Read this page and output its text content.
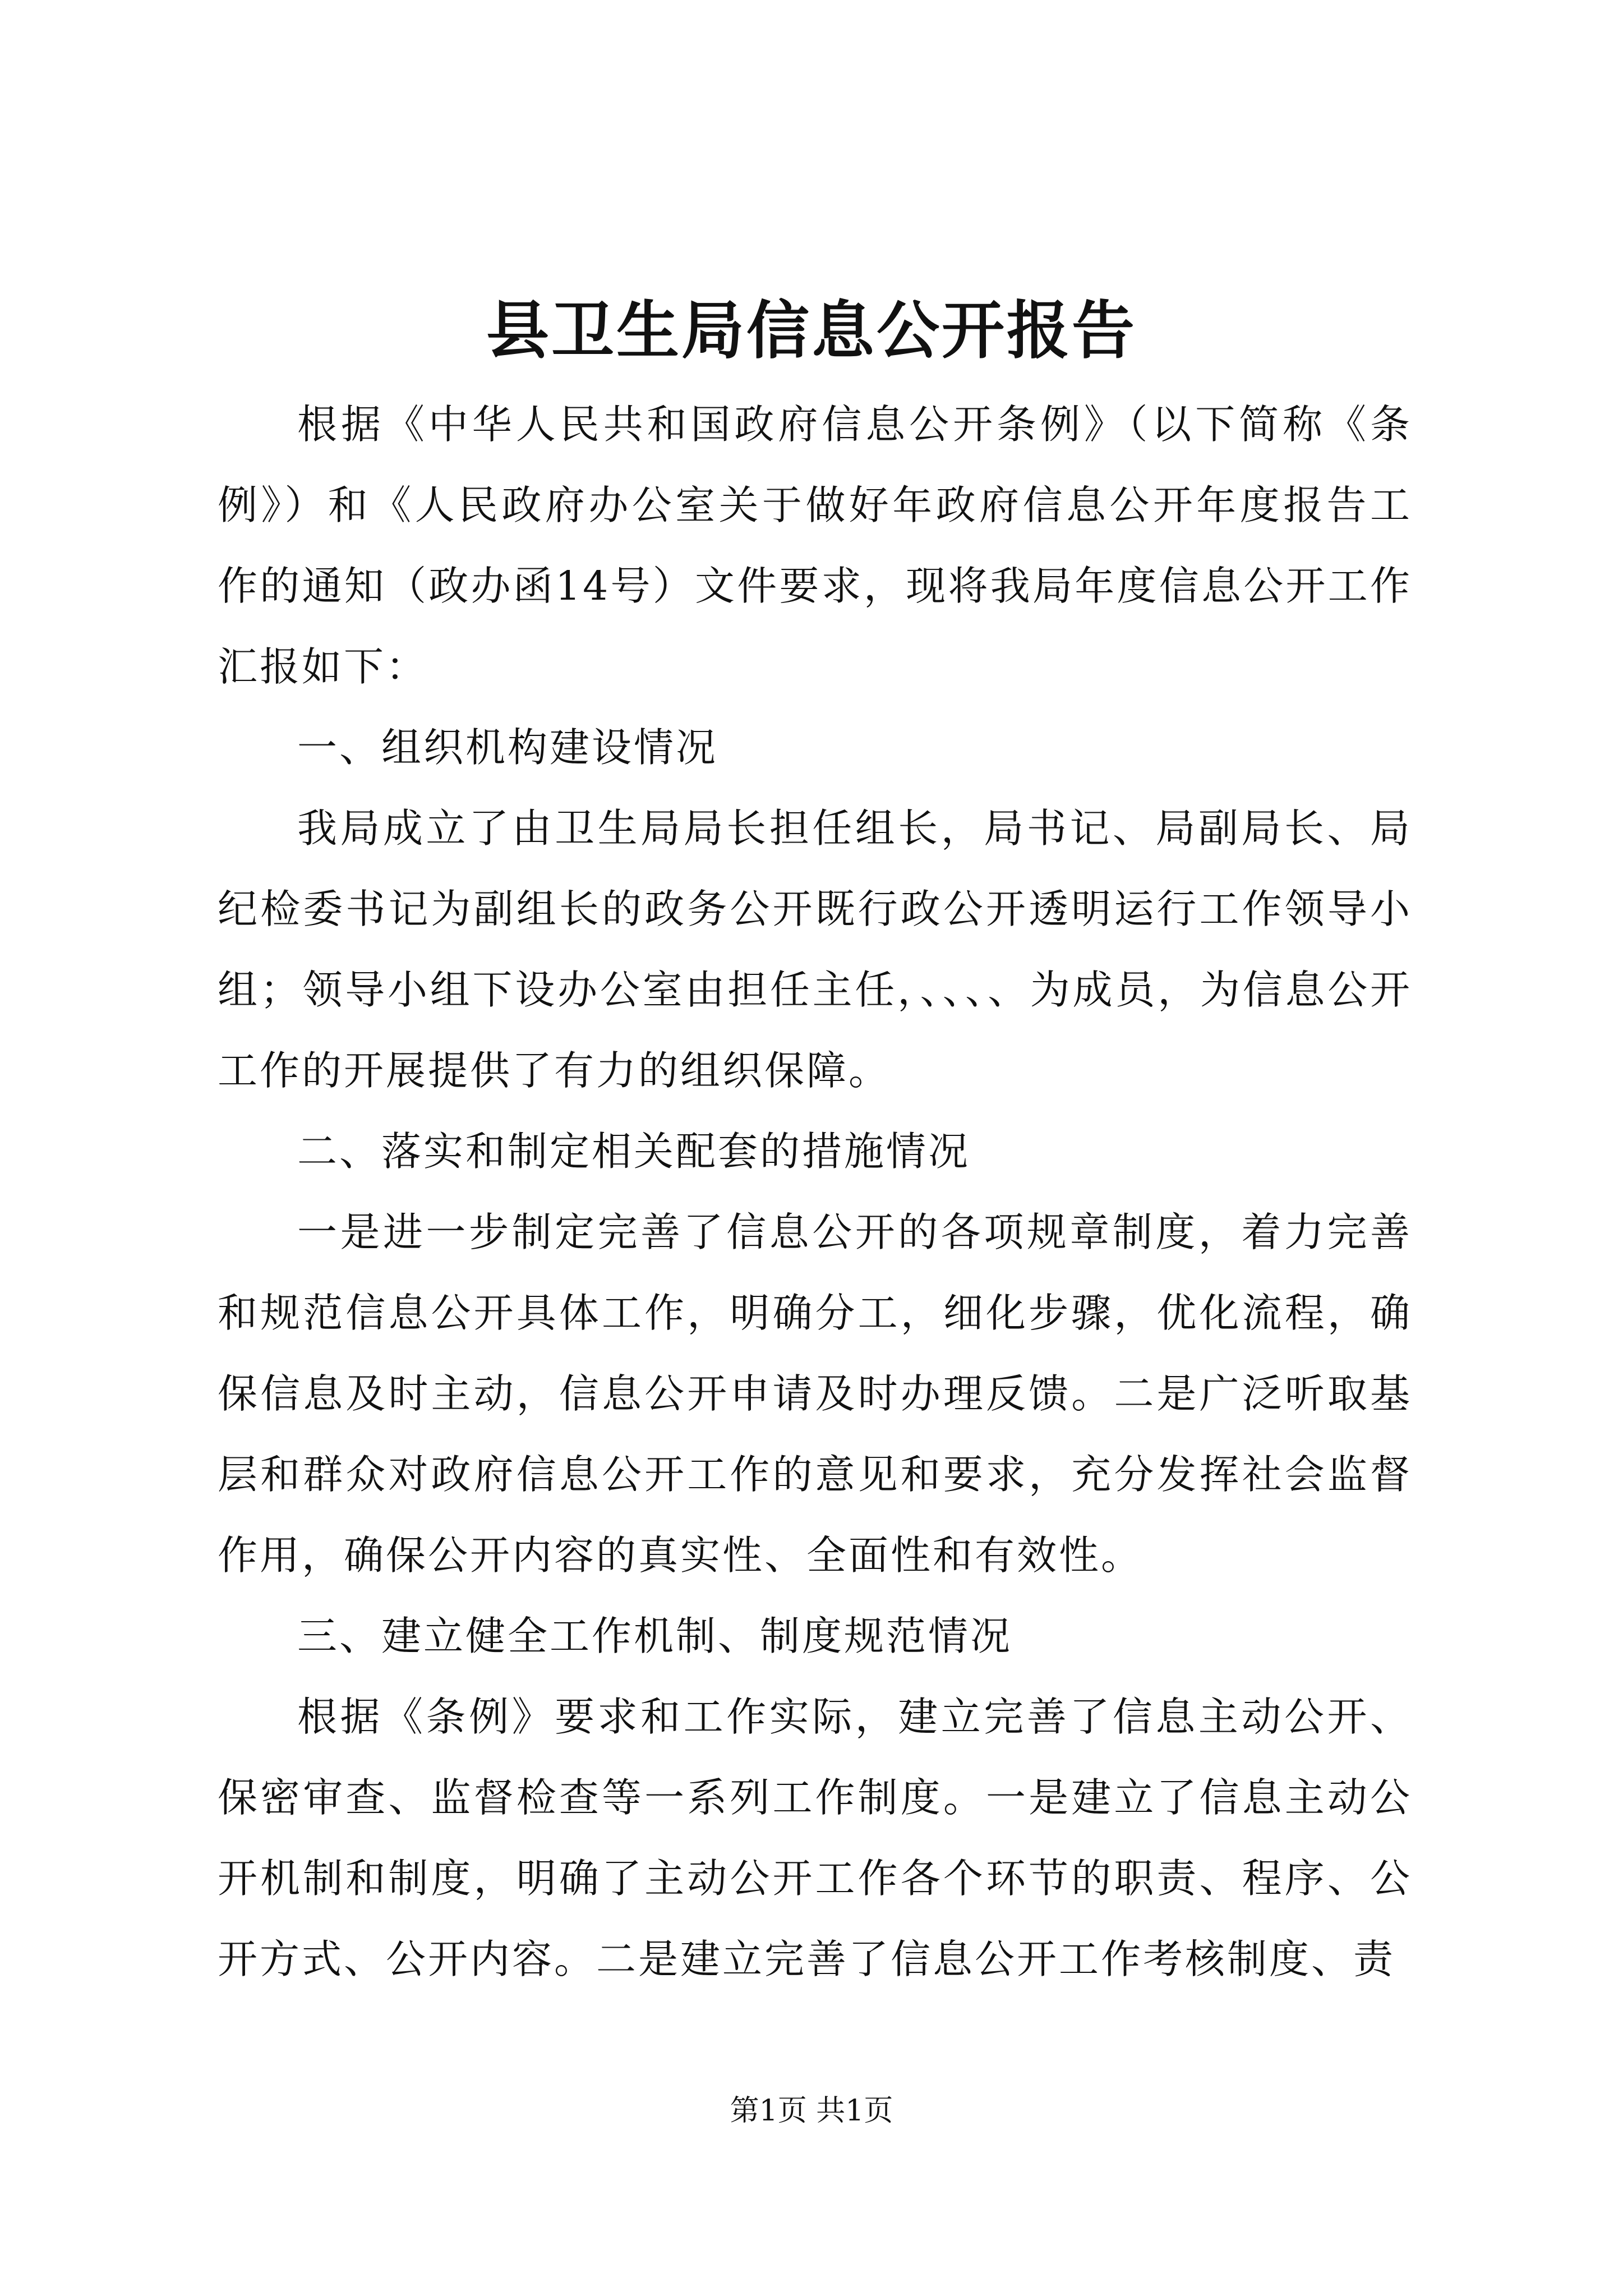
县卫生局信息公开报告

根据《中华人民共和国政府信息公开条例》（以下简称《条例》）和《人民政府办公室关于做好年政府信息公开年度报告工作的通知（政办函14号）文件要求，现将我局年度信息公开工作汇报如下：

一、组织机构建设情况

我局成立了由卫生局局长担任组长，局书记、局副局长、局纪检委书记为副组长的政务公开既行政公开透明运行工作领导小组；领导小组下设办公室由担任主任，、、、、为成员，为信息公开工作的开展提供了有力的组织保障。

二、落实和制定相关配套的措施情况

一是进一步制定完善了信息公开的各项规章制度，着力完善和规范信息公开具体工作，明确分工，细化步骤，优化流程，确保信息及时主动，信息公开申请及时办理反馈。二是广泛听取基层和群众对政府信息公开工作的意见和要求，充分发挥社会监督作用，确保公开内容的真实性、全面性和有效性。

三、建立健全工作机制、制度规范情况

根据《条例》要求和工作实际，建立完善了信息主动公开、保密审查、监督检查等一系列工作制度。一是建立了信息主动公开机制和制度，明确了主动公开工作各个环节的职责、程序、公开方式、公开内容。二是建立完善了信息公开工作考核制度、责

第1页 共1页
